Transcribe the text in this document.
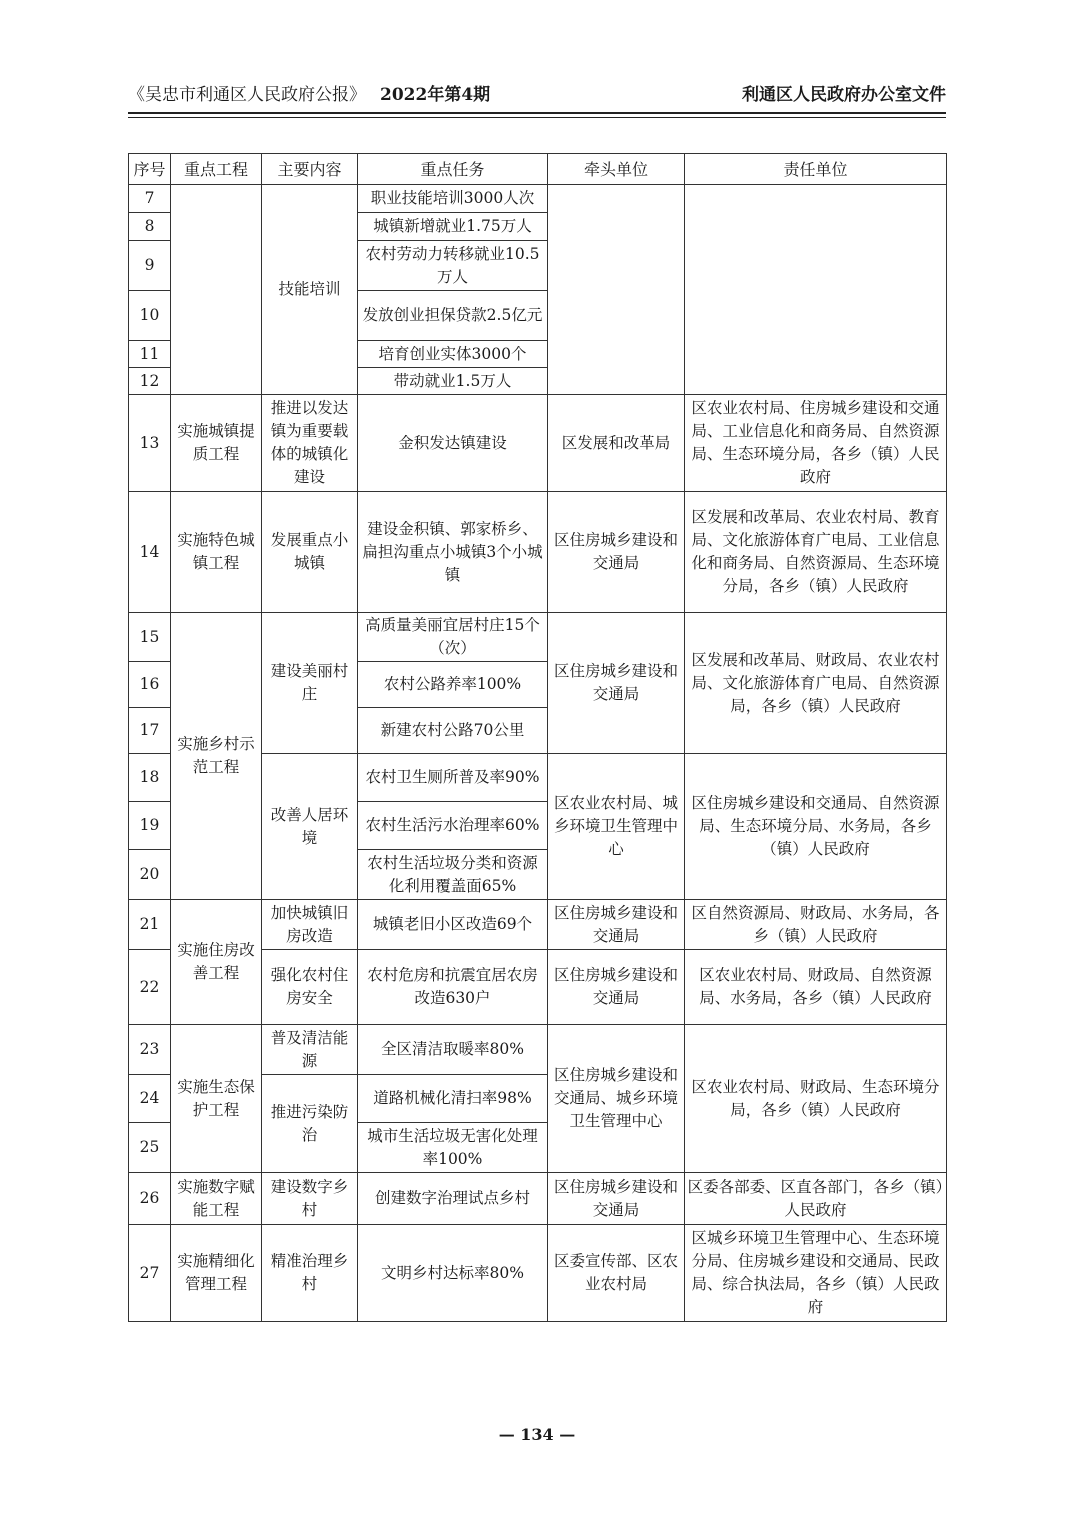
《吴忠市利通区人民政府公报》 2022年第4期	利通区人民政府办公室文件
序号	重点工程	主要内容	重点任务	牵头单位	责任单位
7		技能培训	职业技能培训3000人次		
8			城镇新增就业1.75万人		
9			农村劳动力转移就业10.5万人		
10			发放创业担保贷款2.5亿元		
11			培育创业实体3000个		
12			带动就业1.5万人		
13	实施城镇提质工程	推进以发达镇为重要载体的城镇化建设	金积发达镇建设	区发展和改革局	区农业农村局、住房城乡建设和交通局、工业信息化和商务局、自然资源局、生态环境分局，各乡（镇）人民政府
14	实施特色城镇工程	发展重点小城镇	建设金积镇、郭家桥乡、扁担沟重点小城镇3个小城镇	区住房城乡建设和交通局	区发展和改革局、农业农村局、教育局、文化旅游体育广电局、工业信息化和商务局、自然资源局、生态环境分局，各乡（镇）人民政府
15	实施乡村示范工程	建设美丽村庄	高质量美丽宜居村庄15个（次）	区住房城乡建设和交通局	区发展和改革局、财政局、农业农村局、文化旅游体育广电局、自然资源局，各乡（镇）人民政府
16			农村公路养率100%		
17			新建农村公路70公里		
18		改善人居环境	农村卫生厕所普及率90%	区农业农村局、城乡环境卫生管理中心	区住房城乡建设和交通局、自然资源局、生态环境分局、水务局，各乡（镇）人民政府
19			农村生活污水治理率60%		
20			农村生活垃圾分类和资源化利用覆盖面65%		
21	实施住房改善工程	加快城镇旧房改造	城镇老旧小区改造69个	区住房城乡建设和交通局	区自然资源局、财政局、水务局，各乡（镇）人民政府
22		强化农村住房安全	农村危房和抗震宜居农房改造630户	区住房城乡建设和交通局	区农业农村局、财政局、自然资源局、水务局，各乡（镇）人民政府
23	实施生态保护工程	普及清洁能源	全区清洁取暖率80%	区住房城乡建设和交通局、城乡环境卫生管理中心	区农业农村局、财政局、生态环境分局，各乡（镇）人民政府
24		推进污染防治	道路机械化清扫率98%		
25			城市生活垃圾无害化处理率100%		
26	实施数字赋能工程	建设数字乡村	创建数字治理试点乡村	区住房城乡建设和交通局	区委各部委、区直各部门，各乡（镇）人民政府
27	实施精细化管理工程	精准治理乡村	文明乡村达标率80%	区委宣传部、区农业农村局	区城乡环境卫生管理中心、生态环境分局、住房城乡建设和交通局、民政局、综合执法局，各乡（镇）人民政府
— 134 —
